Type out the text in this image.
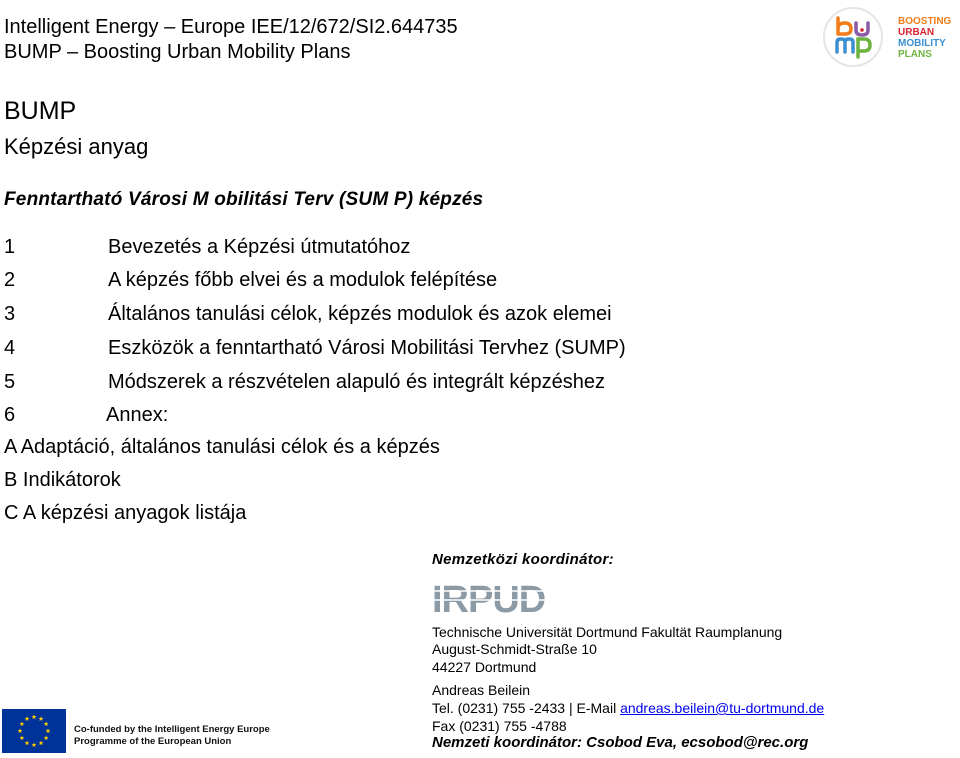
Intelligent Energy – Europe IEE/12/672/SI2.644735
BUMP – Boosting Urban Mobility Plans
BOOSTING
URBAN
MOBILITY
PLANS
BUMP
Képzési anyag
Fenntartható Városi M obilitási Terv (SUM P) képzés
1	Bevezetés a Képzési útmutatóhoz
2	A képzés főbb elvei és a modulok felépítése
3	Általános tanulási célok, képzés modulok és azok elemei
4	Eszközök a fenntartható Városi Mobilitási Tervhez (SUMP)
5	Módszerek a részvételen alapuló és integrált képzéshez
6	Annex:
A Adaptáció, általános tanulási célok és a képzés
B Indikátorok
C A képzési anyagok listája
Nemzetközi koordinátor:
IRPUD
Technische Universität Dortmund Fakultät Raumplanung
August-Schmidt-Straße 10
44227 Dortmund
Andreas Beilein
Tel. (0231) 755 -2433 | E-Mail andreas.beilein@tu-dortmund.de
Fax (0231) 755 -4788
Nemzeti koordinátor: Csobod Eva, ecsobod@rec.org
Co-funded by the Intelligent Energy Europe
Programme of the European Union
